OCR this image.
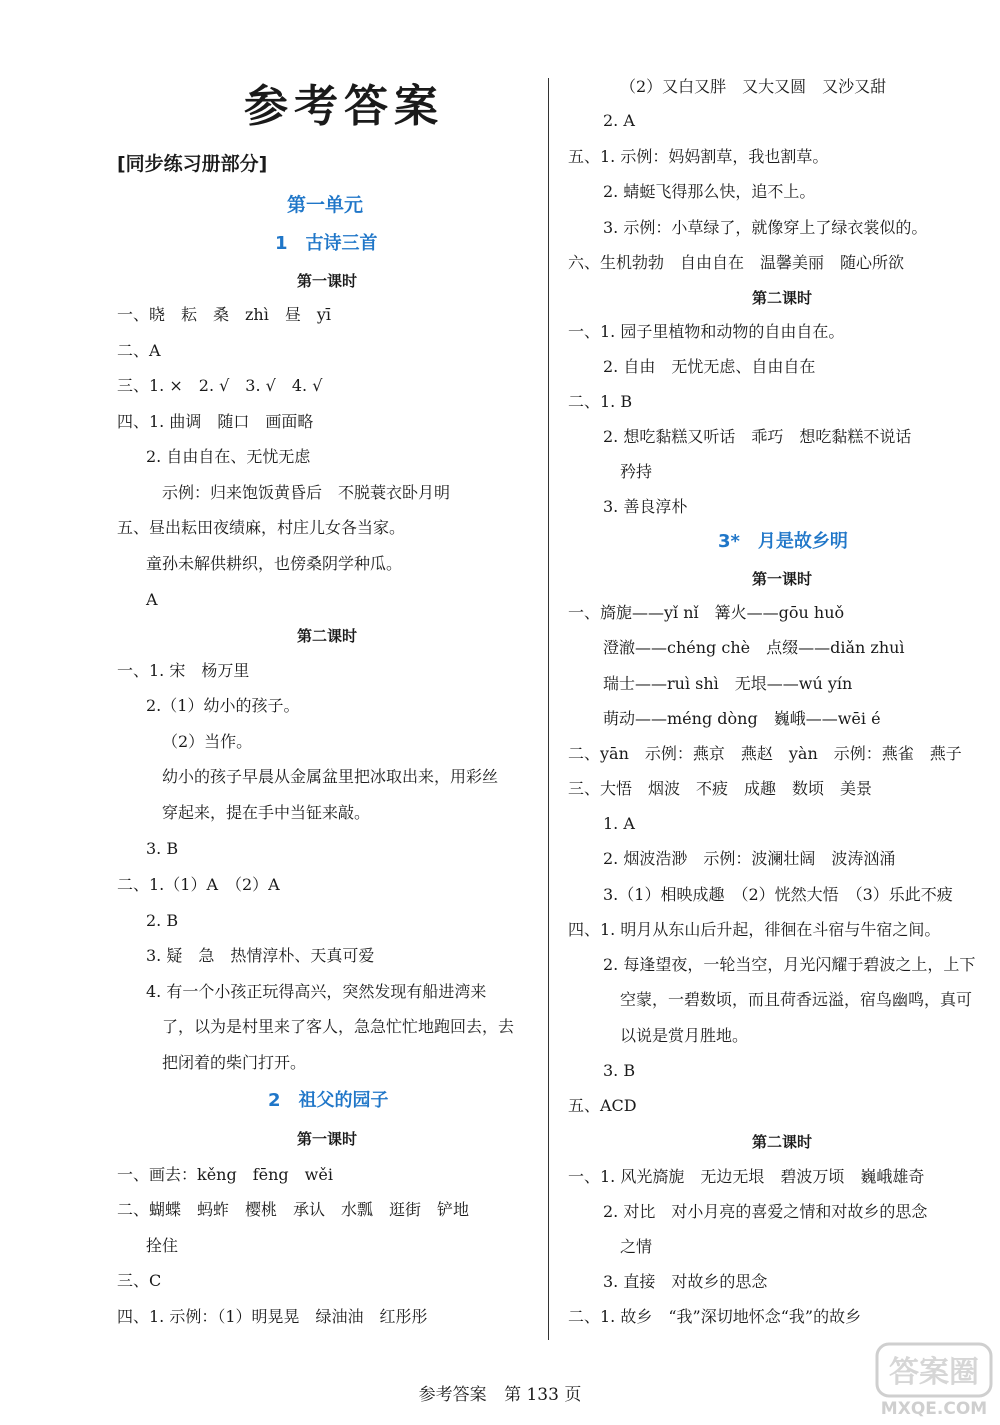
参考答案
[同步练习册部分]
第一单元
1　古诗三首
第一课时
一、晓　耘　桑　zhì　昼　yī
二、A
三、1. ×　2. √　3. √　4. √
四、1. 曲调　随口　画面略
2. 自由自在、无忧无虑
示例：归来饱饭黄昏后　不脱蓑衣卧月明
五、昼出耘田夜绩麻，村庄儿女各当家。
童孙未解供耕织，也傍桑阴学种瓜。
A
第二课时
一、1. 宋　杨万里
2.（1）幼小的孩子。
（2）当作。
幼小的孩子早晨从金属盆里把冰取出来，用彩丝
穿起来，提在手中当钲来敲。
3. B
二、1.（1）A　（2）A
2. B
3. 疑　急　热情淳朴、天真可爱
4. 有一个小孩正玩得高兴，突然发现有船进湾来
了，以为是村里来了客人，急急忙忙地跑回去，去
把闭着的柴门打开。
2　祖父的园子
第一课时
一、画去：kěng　fēng　wěi
二、蝴蝶　蚂蚱　樱桃　承认　水瓢　逛街　铲地
拴住
三、C
四、1. 示例：（1）明晃晃　绿油油　红彤彤
（2）又白又胖　又大又圆　又沙又甜
2. A
五、1. 示例：妈妈割草，我也割草。
2. 蜻蜓飞得那么快，追不上。
3. 示例：小草绿了，就像穿上了绿衣裳似的。
六、生机勃勃　自由自在　温馨美丽　随心所欲
第二课时
一、1. 园子里植物和动物的自由自在。
2. 自由　无忧无虑、自由自在
二、1. B
2. 想吃黏糕又听话　乖巧　想吃黏糕不说话
矜持
3. 善良淳朴
3*　月是故乡明
第一课时
一、旖旎——yǐ nǐ　篝火——gōu huǒ
澄澈——chéng chè　点缀——diǎn zhuì
瑞士——ruì shì　无垠——wú yín
萌动——méng dòng　巍峨——wēi é
二、yān　示例：燕京　燕赵　yàn　示例：燕雀　燕子
三、大悟　烟波　不疲　成趣　数顷　美景
1. A
2. 烟波浩渺　示例：波澜壮阔　波涛汹涌
3.（1）相映成趣　（2）恍然大悟　（3）乐此不疲
四、1. 明月从东山后升起，徘徊在斗宿与牛宿之间。
2. 每逢望夜，一轮当空，月光闪耀于碧波之上，上下
空蒙，一碧数顷，而且荷香远溢，宿鸟幽鸣，真可
以说是赏月胜地。
3. B
五、ACD
第二课时
一、1. 风光旖旎　无边无垠　碧波万顷　巍峨雄奇
2. 对比　对小月亮的喜爱之情和对故乡的思念
之情
3. 直接　对故乡的思念
二、1. 故乡　“我”深切地怀念“我”的故乡
参考答案 第 133 页
答案圈
MXQE.COM
